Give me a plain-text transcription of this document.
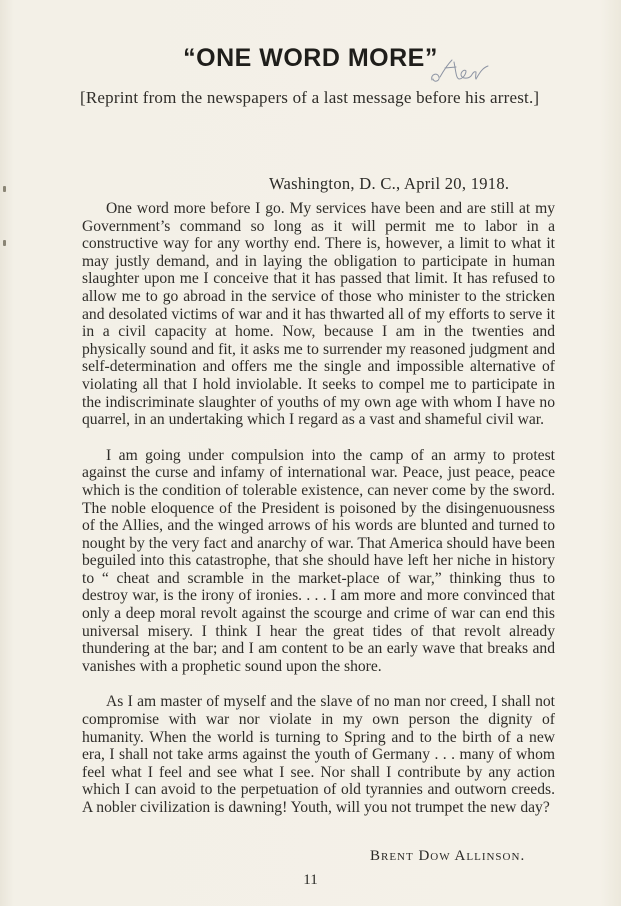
“ONE WORD MORE”
[Reprint from the newspapers of a last message before his arrest.]
Washington, D. C., April 20, 1918.

One word more before I go. My services have been and are still at my Government’s command so long as it will permit me to labor in a constructive way for any worthy end. There is, however, a limit to what it may justly demand, and in laying the obligation to participate in human slaughter upon me I conceive that it has passed that limit. It has refused to allow me to go abroad in the service of those who minister to the stricken and desolated victims of war and it has thwarted all of my efforts to serve it in a civil capacity at home. Now, because I am in the twenties and physically sound and fit, it asks me to surrender my reasoned judgment and self-determination and offers me the single and impossible alternative of violating all that I hold inviolable. It seeks to compel me to participate in the indiscriminate slaughter of youths of my own age with whom I have no quarrel, in an undertaking which I regard as a vast and shameful civil war.

I am going under compulsion into the camp of an army to protest against the curse and infamy of international war. Peace, just peace, peace which is the condition of tolerable existence, can never come by the sword. The noble eloquence of the President is poisoned by the disingenuousness of the Allies, and the winged arrows of his words are blunted and turned to nought by the very fact and anarchy of war. That America should have been beguiled into this catastrophe, that she should have left her niche in history to “ cheat and scramble in the market-place of war,” thinking thus to destroy war, is the irony of ironies. . . . I am more and more convinced that only a deep moral revolt against the scourge and crime of war can end this universal misery. I think I hear the great tides of that revolt already thundering at the bar; and I am content to be an early wave that breaks and vanishes with a prophetic sound upon the shore.

As I am master of myself and the slave of no man nor creed, I shall not compromise with war nor violate in my own person the dignity of humanity. When the world is turning to Spring and to the birth of a new era, I shall not take arms against the youth of Germany . . . many of whom feel what I feel and see what I see. Nor shall I contribute by any action which I can avoid to the perpetuation of old tyrannies and outworn creeds. A nobler civilization is dawning! Youth, will you not trumpet the new day?

Brent Dow Allinson.
11
